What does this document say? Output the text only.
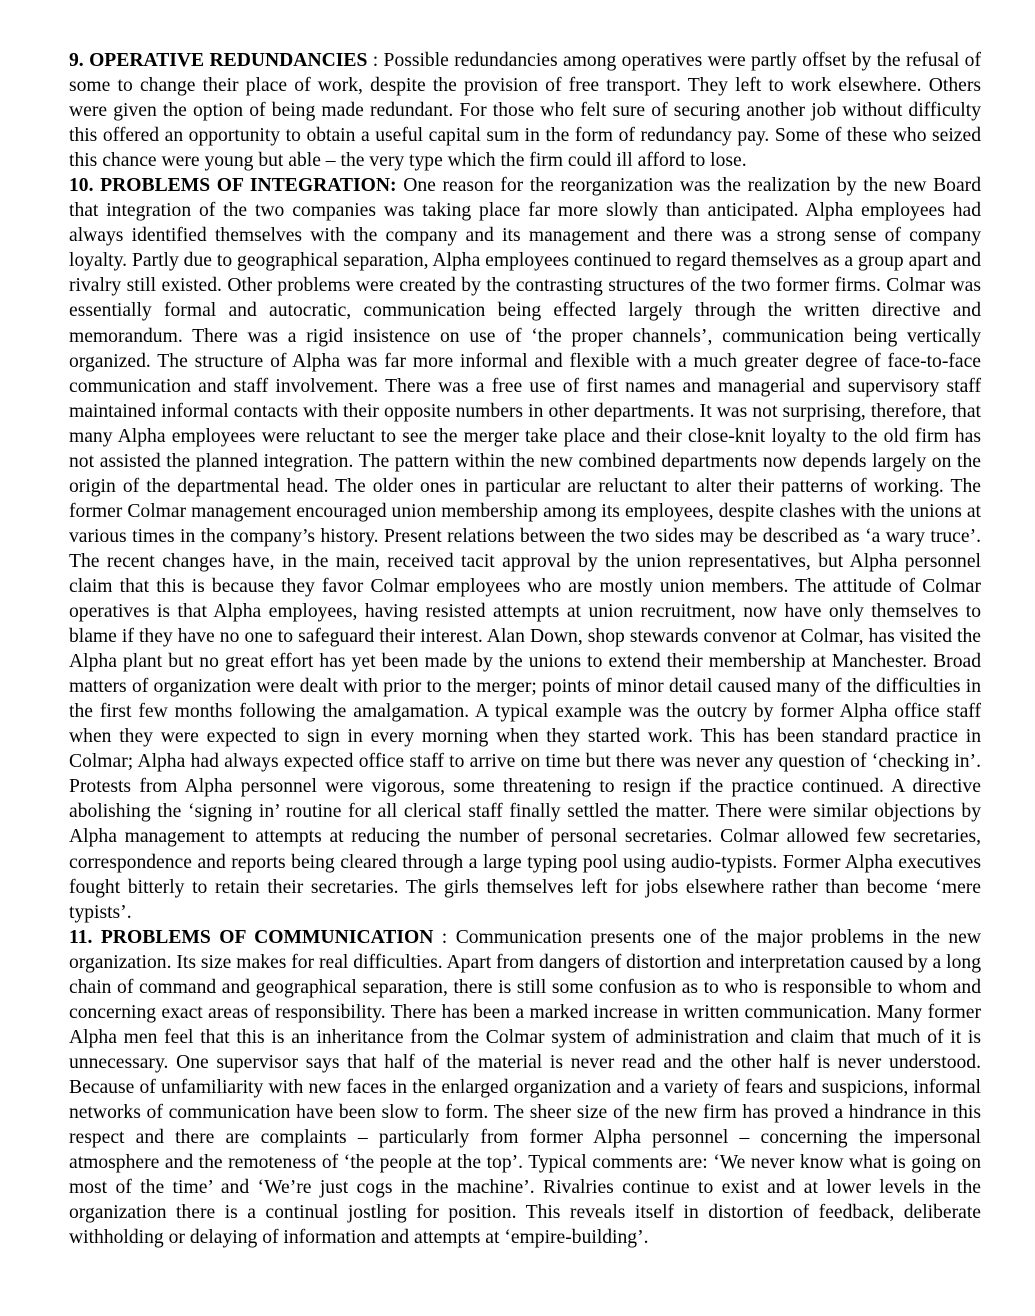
9. OPERATIVE REDUNDANCIES : Possible redundancies among operatives were partly offset by the refusal of some to change their place of work, despite the provision of free transport. They left to work elsewhere. Others were given the option of being made redundant. For those who felt sure of securing another job without difficulty this offered an opportunity to obtain a useful capital sum in the form of redundancy pay. Some of these who seized this chance were young but able – the very type which the firm could ill afford to lose.

10. PROBLEMS OF INTEGRATION: One reason for the reorganization was the realization by the new Board that integration of the two companies was taking place far more slowly than anticipated. Alpha employees had always identified themselves with the company and its management and there was a strong sense of company loyalty. Partly due to geographical separation, Alpha employees continued to regard themselves as a group apart and rivalry still existed. Other problems were created by the contrasting structures of the two former firms. Colmar was essentially formal and autocratic, communication being effected largely through the written directive and memorandum. There was a rigid insistence on use of ‘the proper channels’, communication being vertically organized. The structure of Alpha was far more informal and flexible with a much greater degree of face-to-face communication and staff involvement. There was a free use of first names and managerial and supervisory staff maintained informal contacts with their opposite numbers in other departments. It was not surprising, therefore, that many Alpha employees were reluctant to see the merger take place and their close-knit loyalty to the old firm has not assisted the planned integration. The pattern within the new combined departments now depends largely on the origin of the departmental head. The older ones in particular are reluctant to alter their patterns of working. The former Colmar management encouraged union membership among its employees, despite clashes with the unions at various times in the company’s history. Present relations between the two sides may be described as ‘a wary truce’. The recent changes have, in the main, received tacit approval by the union representatives, but Alpha personnel claim that this is because they favor Colmar employees who are mostly union members. The attitude of Colmar operatives is that Alpha employees, having resisted attempts at union recruitment, now have only themselves to blame if they have no one to safeguard their interest. Alan Down, shop stewards convenor at Colmar, has visited the Alpha plant but no great effort has yet been made by the unions to extend their membership at Manchester. Broad matters of organization were dealt with prior to the merger; points of minor detail caused many of the difficulties in the first few months following the amalgamation. A typical example was the outcry by former Alpha office staff when they were expected to sign in every morning when they started work. This has been standard practice in Colmar; Alpha had always expected office staff to arrive on time but there was never any question of ‘checking in’. Protests from Alpha personnel were vigorous, some threatening to resign if the practice continued. A directive abolishing the ‘signing in’ routine for all clerical staff finally settled the matter. There were similar objections by Alpha management to attempts at reducing the number of personal secretaries. Colmar allowed few secretaries, correspondence and reports being cleared through a large typing pool using audio-typists. Former Alpha executives fought bitterly to retain their secretaries. The girls themselves left for jobs elsewhere rather than become ‘mere typists’.

11. PROBLEMS OF COMMUNICATION : Communication presents one of the major problems in the new organization. Its size makes for real difficulties. Apart from dangers of distortion and interpretation caused by a long chain of command and geographical separation, there is still some confusion as to who is responsible to whom and concerning exact areas of responsibility. There has been a marked increase in written communication. Many former Alpha men feel that this is an inheritance from the Colmar system of administration and claim that much of it is unnecessary. One supervisor says that half of the material is never read and the other half is never understood. Because of unfamiliarity with new faces in the enlarged organization and a variety of fears and suspicions, informal networks of communication have been slow to form. The sheer size of the new firm has proved a hindrance in this respect and there are complaints – particularly from former Alpha personnel – concerning the impersonal atmosphere and the remoteness of ‘the people at the top’. Typical comments are: ‘We never know what is going on most of the time’ and ‘We’re just cogs in the machine’. Rivalries continue to exist and at lower levels in the organization there is a continual jostling for position. This reveals itself in distortion of feedback, deliberate withholding or delaying of information and attempts at ‘empire-building’.
